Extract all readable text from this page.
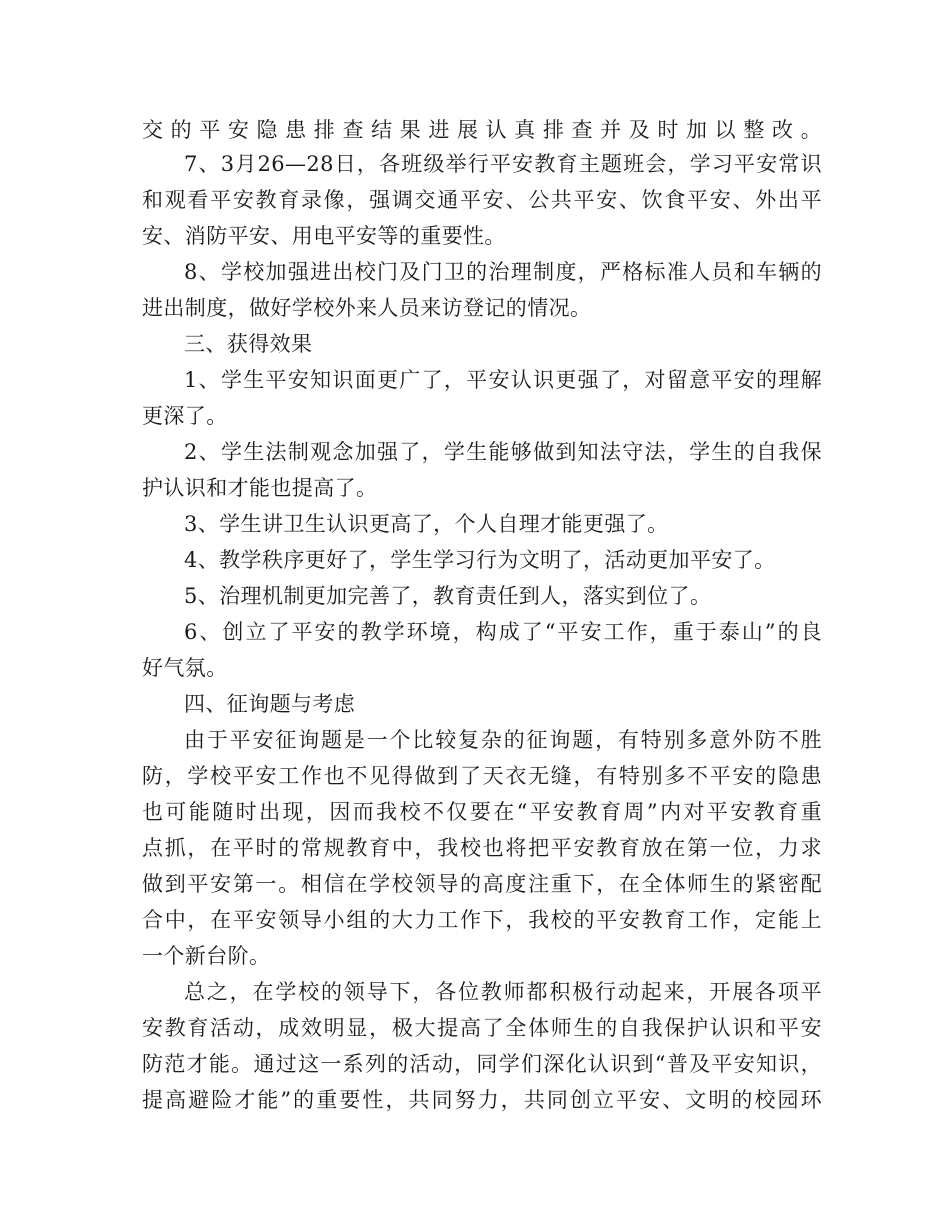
交的平安隐患排查结果进展认真排查并及时加以整改。
7、3月26—28日，各班级举行平安教育主题班会，学习平安常识
和观看平安教育录像，强调交通平安、公共平安、饮食平安、外出平
安、消防平安、用电平安等的重要性。
8、学校加强进出校门及门卫的治理制度，严格标准人员和车辆的
进出制度，做好学校外来人员来访登记的情况。
三、获得效果
1、学生平安知识面更广了，平安认识更强了，对留意平安的理解
更深了。
2、学生法制观念加强了，学生能够做到知法守法，学生的自我保
护认识和才能也提高了。
3、学生讲卫生认识更高了，个人自理才能更强了。
4、教学秩序更好了，学生学习行为文明了，活动更加平安了。
5、治理机制更加完善了，教育责任到人，落实到位了。
6、创立了平安的教学环境，构成了“平安工作，重于泰山”的良
好气氛。
四、征询题与考虑
由于平安征询题是一个比较复杂的征询题，有特别多意外防不胜
防，学校平安工作也不见得做到了天衣无缝，有特别多不平安的隐患
也可能随时出现，因而我校不仅要在“平安教育周”内对平安教育重
点抓，在平时的常规教育中，我校也将把平安教育放在第一位，力求
做到平安第一。相信在学校领导的高度注重下，在全体师生的紧密配
合中，在平安领导小组的大力工作下，我校的平安教育工作，定能上
一个新台阶。
总之，在学校的领导下，各位教师都积极行动起来，开展各项平
安教育活动，成效明显，极大提高了全体师生的自我保护认识和平安
防范才能。通过这一系列的活动，同学们深化认识到“普及平安知识，
提高避险才能”的重要性，共同努力，共同创立平安、文明的校园环
